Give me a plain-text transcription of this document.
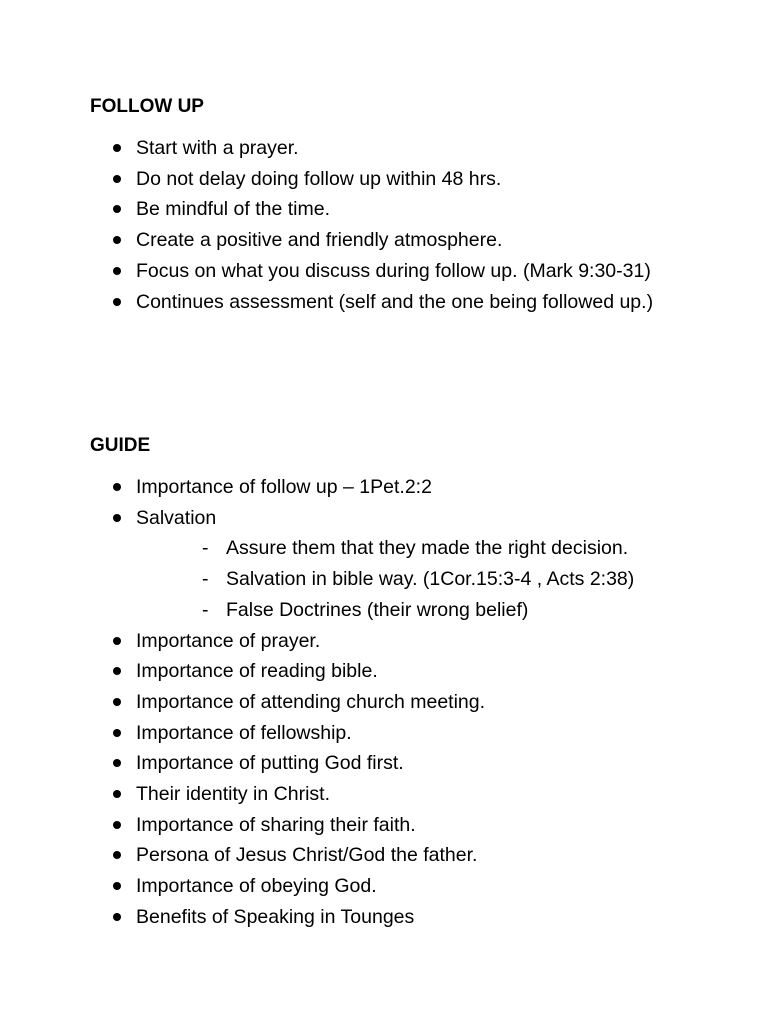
FOLLOW UP
Start with a prayer.
Do not delay doing follow up within 48 hrs.
Be mindful of the time.
Create a positive and friendly atmosphere.
Focus on what you discuss during follow up. (Mark 9:30-31)
Continues assessment (self and the one being followed up.)
GUIDE
Importance of follow up – 1Pet.2:2
Salvation
- Assure them that they made the right decision.
- Salvation in bible way. (1Cor.15:3-4 , Acts 2:38)
- False Doctrines (their wrong belief)
Importance of prayer.
Importance of reading bible.
Importance of attending church meeting.
Importance of fellowship.
Importance of putting God first.
Their identity in Christ.
Importance of sharing their faith.
Persona of Jesus Christ/God the father.
Importance of obeying God.
Benefits of Speaking in Tounges
